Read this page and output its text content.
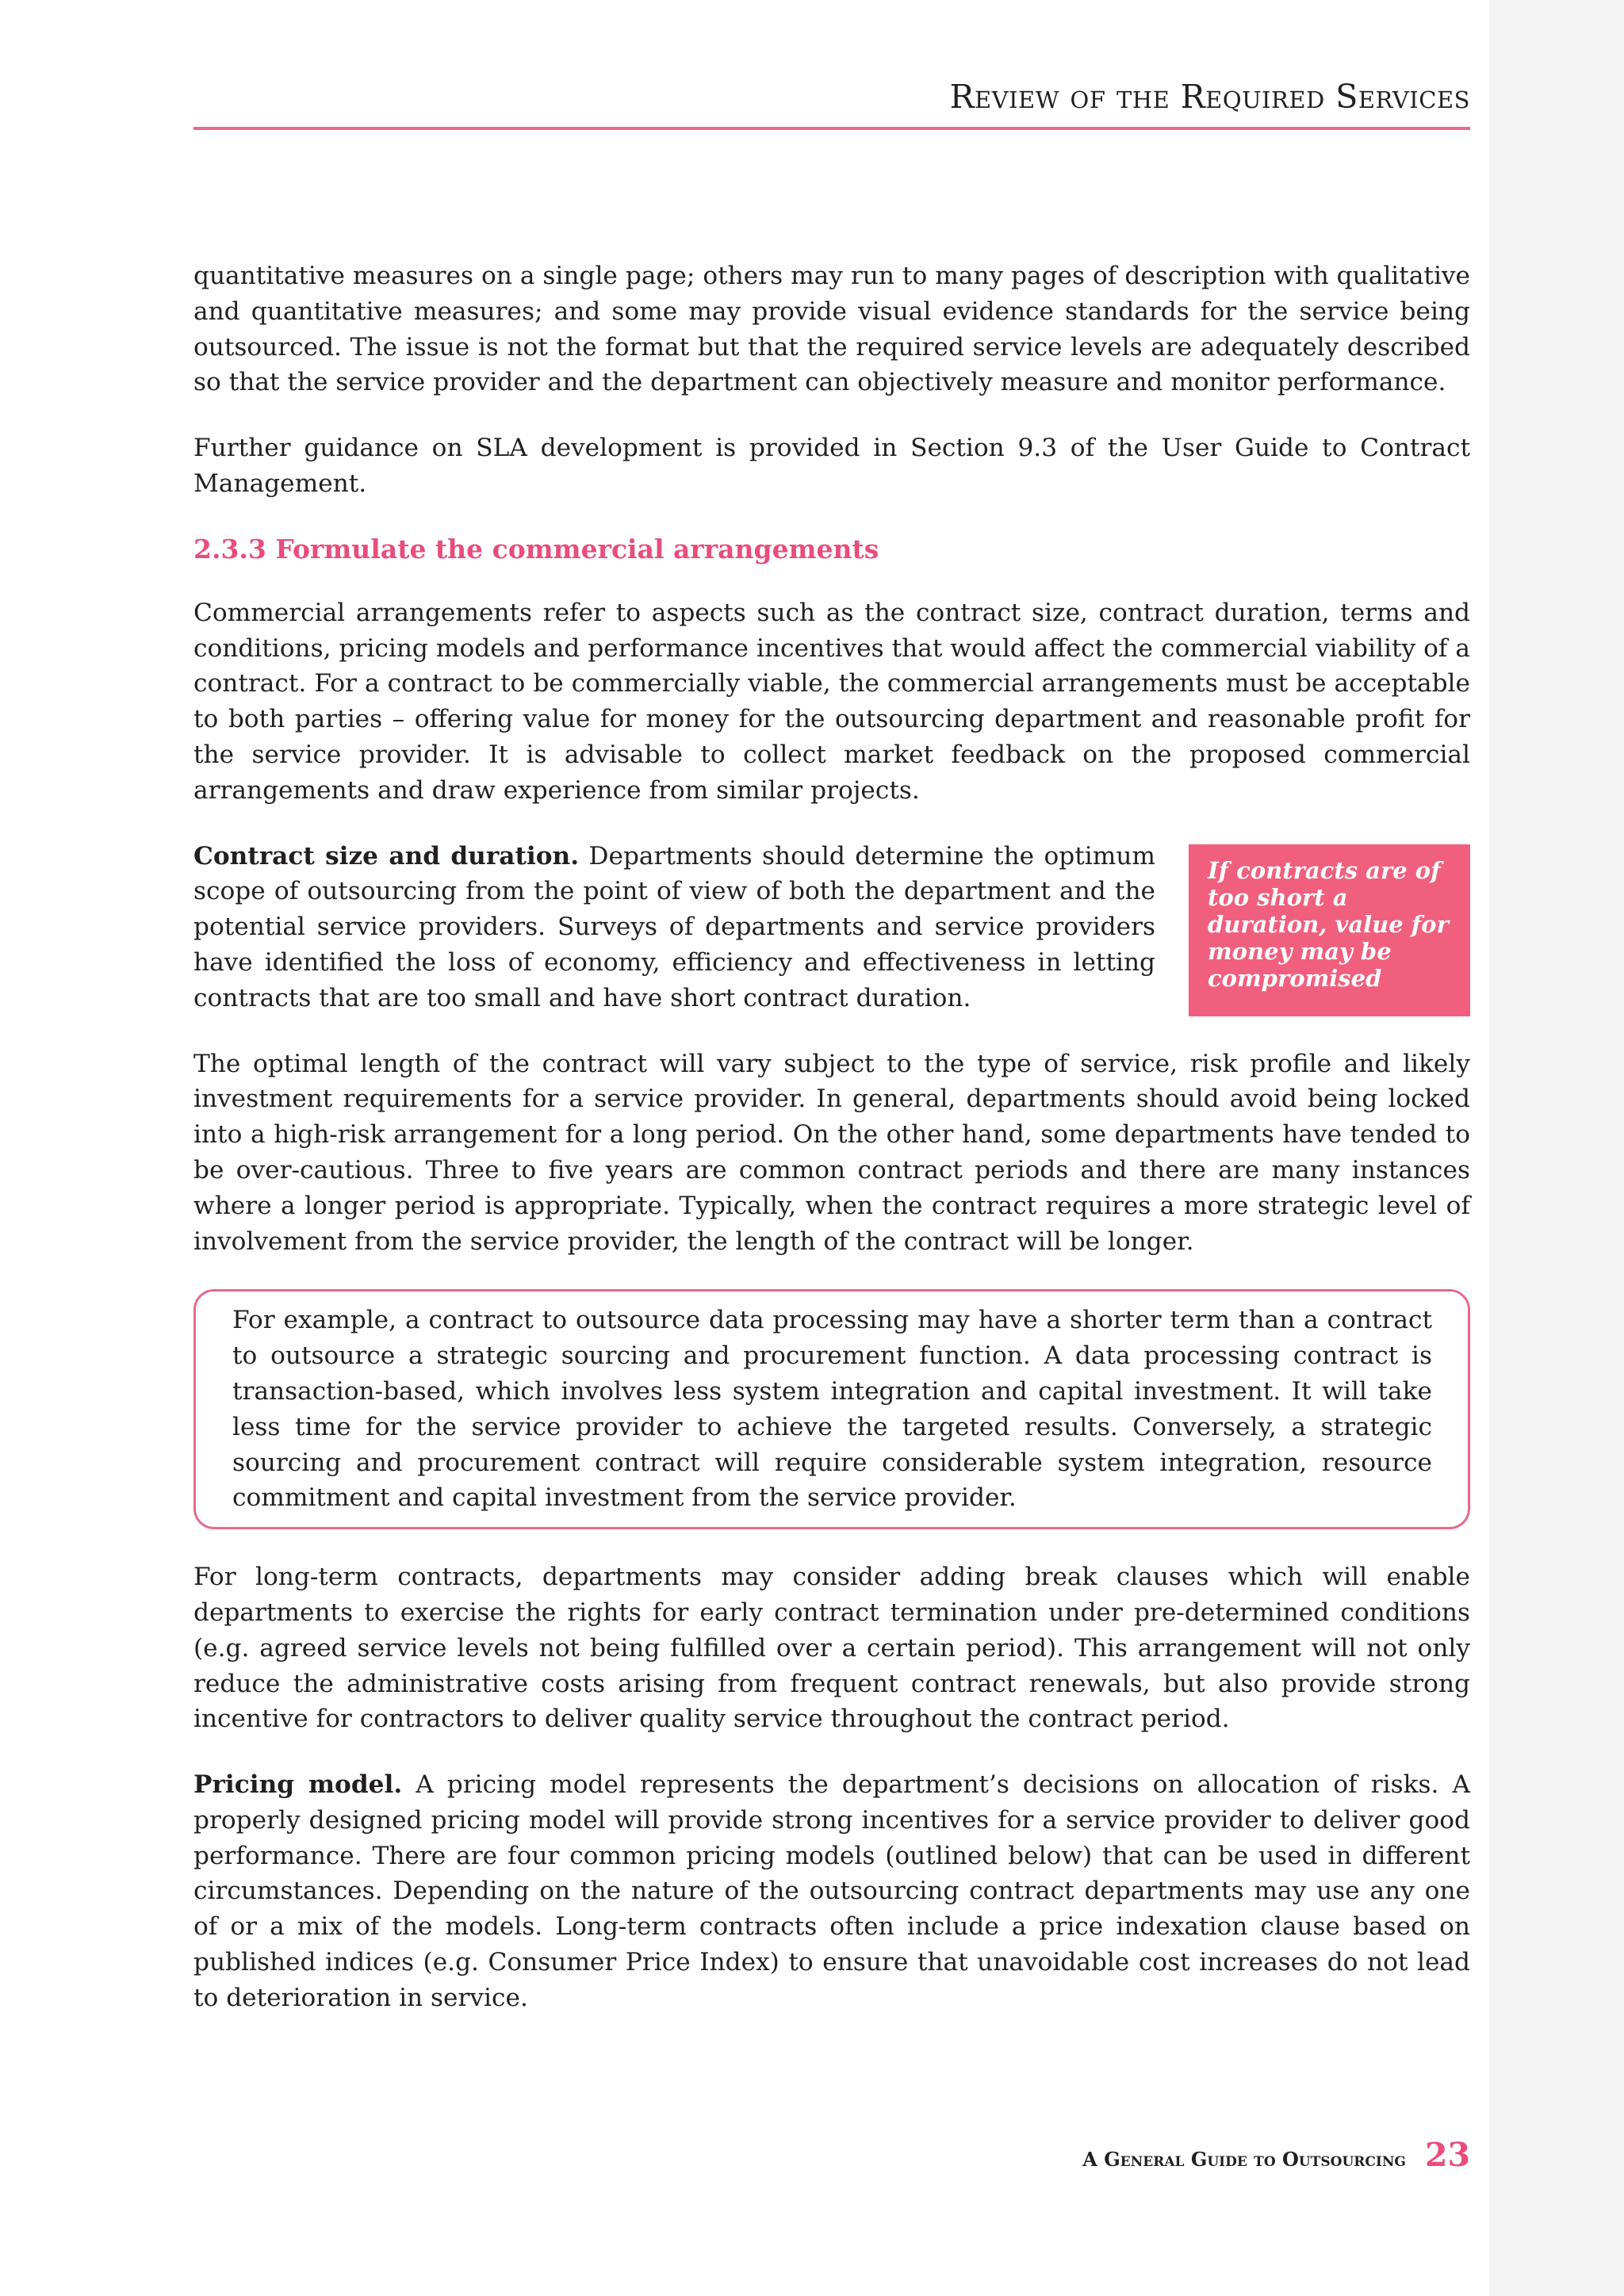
Review of the Required Services

quantitative measures on a single page; others may run to many pages of description with qualitative and quantitative measures; and some may provide visual evidence standards for the service being outsourced. The issue is not the format but that the required service levels are adequately described so that the service provider and the department can objectively measure and monitor performance.

Further guidance on SLA development is provided in Section 9.3 of the User Guide to Contract Management.

2.3.3 Formulate the commercial arrangements

Commercial arrangements refer to aspects such as the contract size, contract duration, terms and conditions, pricing models and performance incentives that would affect the commercial viability of a contract. For a contract to be commercially viable, the commercial arrangements must be acceptable to both parties – offering value for money for the outsourcing department and reasonable profit for the service provider. It is advisable to collect market feedback on the proposed commercial arrangements and draw experience from similar projects.

Contract size and duration. Departments should determine the optimum scope of outsourcing from the point of view of both the department and the potential service providers. Surveys of departments and service providers have identified the loss of economy, efficiency and effectiveness in letting contracts that are too small and have short contract duration.

If contracts are of too short a duration, value for money may be compromised

The optimal length of the contract will vary subject to the type of service, risk profile and likely investment requirements for a service provider. In general, departments should avoid being locked into a high-risk arrangement for a long period. On the other hand, some departments have tended to be over-cautious. Three to five years are common contract periods and there are many instances where a longer period is appropriate. Typically, when the contract requires a more strategic level of involvement from the service provider, the length of the contract will be longer.

For example, a contract to outsource data processing may have a shorter term than a contract to outsource a strategic sourcing and procurement function. A data processing contract is transaction-based, which involves less system integration and capital investment. It will take less time for the service provider to achieve the targeted results. Conversely, a strategic sourcing and procurement contract will require considerable system integration, resource commitment and capital investment from the service provider.

For long-term contracts, departments may consider adding break clauses which will enable departments to exercise the rights for early contract termination under pre-determined conditions (e.g. agreed service levels not being fulfilled over a certain period). This arrangement will not only reduce the administrative costs arising from frequent contract renewals, but also provide strong incentive for contractors to deliver quality service throughout the contract period.

Pricing model. A pricing model represents the department’s decisions on allocation of risks. A properly designed pricing model will provide strong incentives for a service provider to deliver good performance. There are four common pricing models (outlined below) that can be used in different circumstances. Depending on the nature of the outsourcing contract departments may use any one of or a mix of the models. Long-term contracts often include a price indexation clause based on published indices (e.g. Consumer Price Index) to ensure that unavoidable cost increases do not lead to deterioration in service.

A General Guide to Outsourcing 23
